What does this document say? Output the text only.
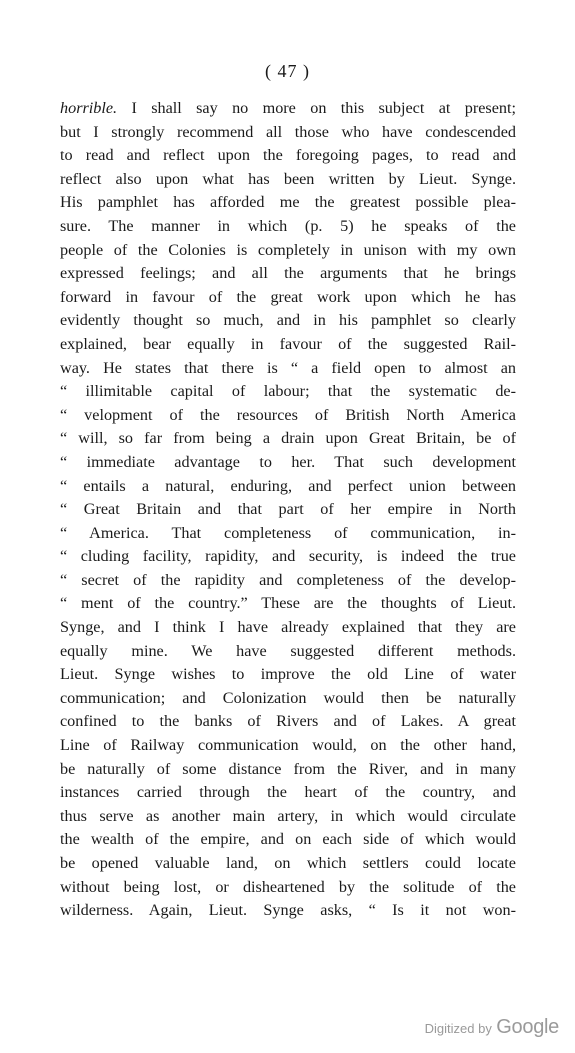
( 47 )
horrible. I shall say no more on this subject at present;
but I strongly recommend all those who have condescended
to read and reflect upon the foregoing pages, to read and
reflect also upon what has been written by Lieut. Synge.
His pamphlet has afforded me the greatest possible plea-
sure. The manner in which (p. 5) he speaks of the
people of the Colonies is completely in unison with my own
expressed feelings; and all the arguments that he brings
forward in favour of the great work upon which he has
evidently thought so much, and in his pamphlet so clearly
explained, bear equally in favour of the suggested Rail-
way. He states that there is “ a field open to almost an
“ illimitable capital of labour; that the systematic de-
“ velopment of the resources of British North America
“ will, so far from being a drain upon Great Britain, be of
“ immediate advantage to her. That such development
“ entails a natural, enduring, and perfect union between
“ Great Britain and that part of her empire in North
“ America. That completeness of communication, in-
“ cluding facility, rapidity, and security, is indeed the true
“ secret of the rapidity and completeness of the develop-
“ ment of the country.” These are the thoughts of Lieut.
Synge, and I think I have already explained that they are
equally mine. We have suggested different methods.
Lieut. Synge wishes to improve the old Line of water
communication; and Colonization would then be naturally
confined to the banks of Rivers and of Lakes. A great
Line of Railway communication would, on the other hand,
be naturally of some distance from the River, and in many
instances carried through the heart of the country, and
thus serve as another main artery, in which would circulate
the wealth of the empire, and on each side of which would
be opened valuable land, on which settlers could locate
without being lost, or disheartened by the solitude of the
wilderness. Again, Lieut. Synge asks, “ Is it not won-
Digitized by Google
